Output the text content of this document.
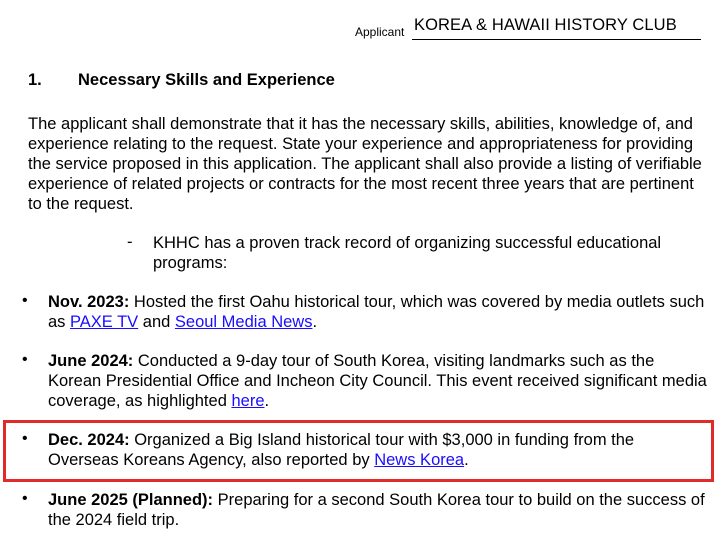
Applicant KOREA & HAWAII HISTORY CLUB
1. Necessary Skills and Experience
The applicant shall demonstrate that it has the necessary skills, abilities, knowledge of, and experience relating to the request. State your experience and appropriateness for providing the service proposed in this application. The applicant shall also provide a listing of verifiable experience of related projects or contracts for the most recent three years that are pertinent to the request.
- KHHC has a proven track record of organizing successful educational programs:
• Nov. 2023: Hosted the first Oahu historical tour, which was covered by media outlets such as PAXE TV and Seoul Media News.
• June 2024: Conducted a 9-day tour of South Korea, visiting landmarks such as the Korean Presidential Office and Incheon City Council. This event received significant media coverage, as highlighted here.
• Dec. 2024: Organized a Big Island historical tour with $3,000 in funding from the Overseas Koreans Agency, also reported by News Korea.
• June 2025 (Planned): Preparing for a second South Korea tour to build on the success of the 2024 field trip.
